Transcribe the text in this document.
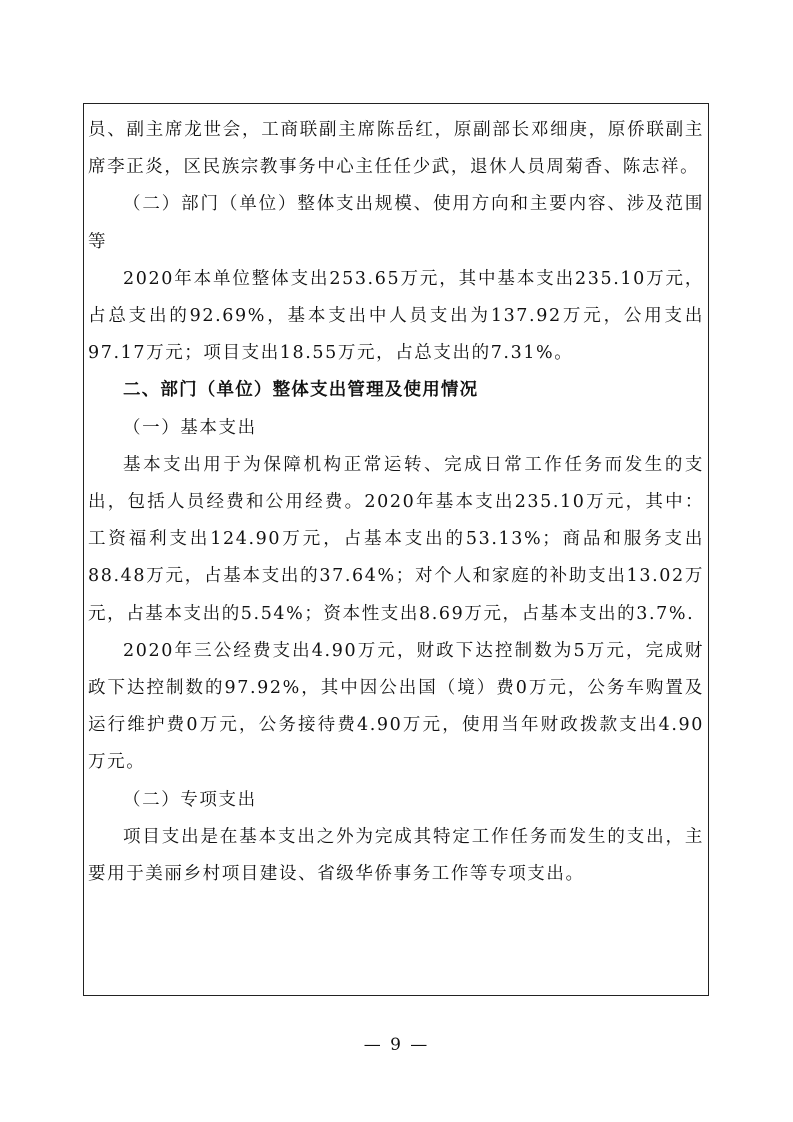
员、副主席龙世会，工商联副主席陈岳红，原副部长邓细庚，原侨联副主席李正炎，区民族宗教事务中心主任任少武，退休人员周菊香、陈志祥。

（二）部门（单位）整体支出规模、使用方向和主要内容、涉及范围等

2020年本单位整体支出253.65万元，其中基本支出235.10万元，占总支出的92.69%，基本支出中人员支出为137.92万元，公用支出97.17万元；项目支出18.55万元，占总支出的7.31%。

二、部门（单位）整体支出管理及使用情况

（一）基本支出

基本支出用于为保障机构正常运转、完成日常工作任务而发生的支出，包括人员经费和公用经费。2020年基本支出235.10万元，其中：工资福利支出124.90万元，占基本支出的53.13%；商品和服务支出88.48万元，占基本支出的37.64%；对个人和家庭的补助支出13.02万元，占基本支出的5.54%；资本性支出8.69万元，占基本支出的3.7%.

2020年三公经费支出4.90万元，财政下达控制数为5万元，完成财政下达控制数的97.92%，其中因公出国（境）费0万元，公务车购置及运行维护费0万元，公务接待费4.90万元，使用当年财政拨款支出4.90万元。

（二）专项支出

项目支出是在基本支出之外为完成其特定工作任务而发生的支出，主要用于美丽乡村项目建设、省级华侨事务工作等专项支出。

— 9 —
